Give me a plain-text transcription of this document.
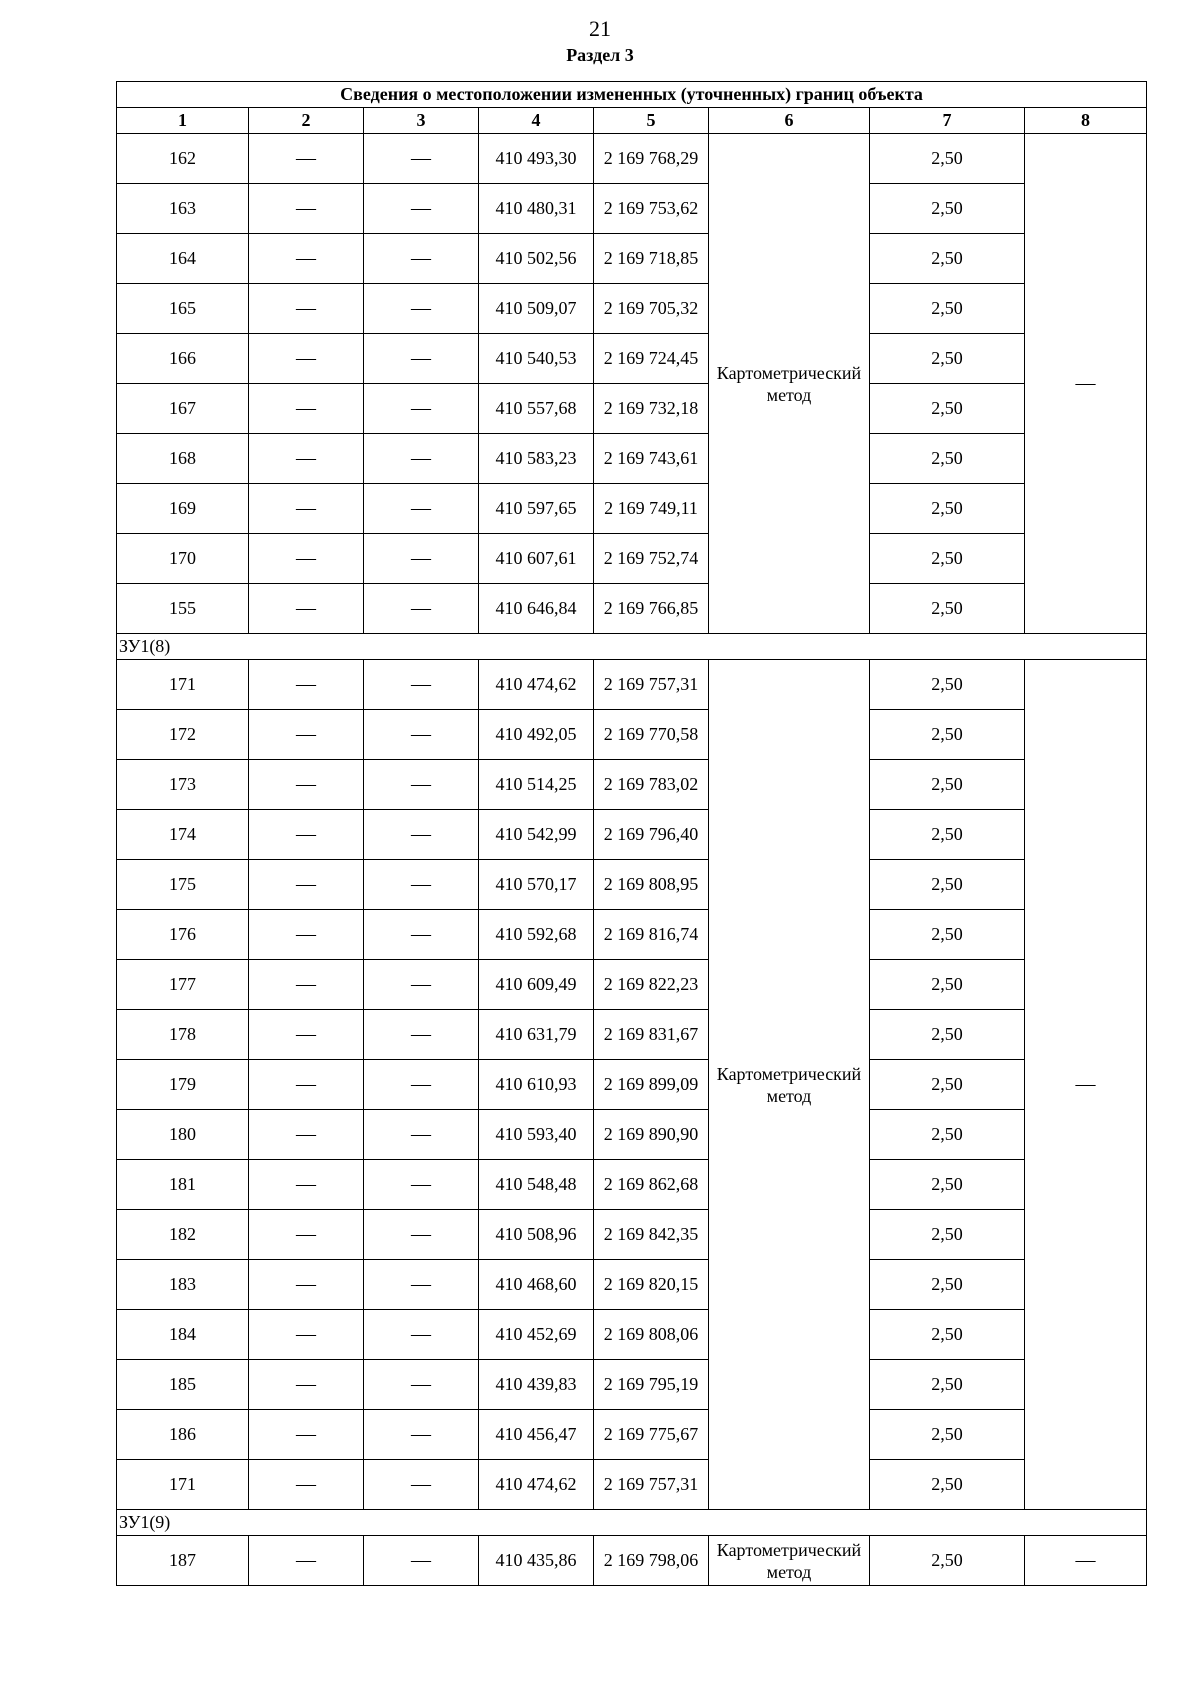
21
Раздел 3
Сведения о местоположении измененных (уточненных) границ объекта							
1	2	3	4	5	6	7	8
162	—	—	410 493,30	2 169 768,29	Картометрический метод	2,50	—
163	—	—	410 480,31	2 169 753,62		2,50	
164	—	—	410 502,56	2 169 718,85		2,50	
165	—	—	410 509,07	2 169 705,32		2,50	
166	—	—	410 540,53	2 169 724,45		2,50	
167	—	—	410 557,68	2 169 732,18		2,50	
168	—	—	410 583,23	2 169 743,61		2,50	
169	—	—	410 597,65	2 169 749,11		2,50	
170	—	—	410 607,61	2 169 752,74		2,50	
155	—	—	410 646,84	2 169 766,85		2,50	
ЗУ1(8)							
171	—	—	410 474,62	2 169 757,31	Картометрический метод	2,50	—
172	—	—	410 492,05	2 169 770,58		2,50	
173	—	—	410 514,25	2 169 783,02		2,50	
174	—	—	410 542,99	2 169 796,40		2,50	
175	—	—	410 570,17	2 169 808,95		2,50	
176	—	—	410 592,68	2 169 816,74		2,50	
177	—	—	410 609,49	2 169 822,23		2,50	
178	—	—	410 631,79	2 169 831,67		2,50	
179	—	—	410 610,93	2 169 899,09		2,50	
180	—	—	410 593,40	2 169 890,90		2,50	
181	—	—	410 548,48	2 169 862,68		2,50	
182	—	—	410 508,96	2 169 842,35		2,50	
183	—	—	410 468,60	2 169 820,15		2,50	
184	—	—	410 452,69	2 169 808,06		2,50	
185	—	—	410 439,83	2 169 795,19		2,50	
186	—	—	410 456,47	2 169 775,67		2,50	
171	—	—	410 474,62	2 169 757,31		2,50	
ЗУ1(9)							
187	—	—	410 435,86	2 169 798,06	Картометрический метод	2,50	—
